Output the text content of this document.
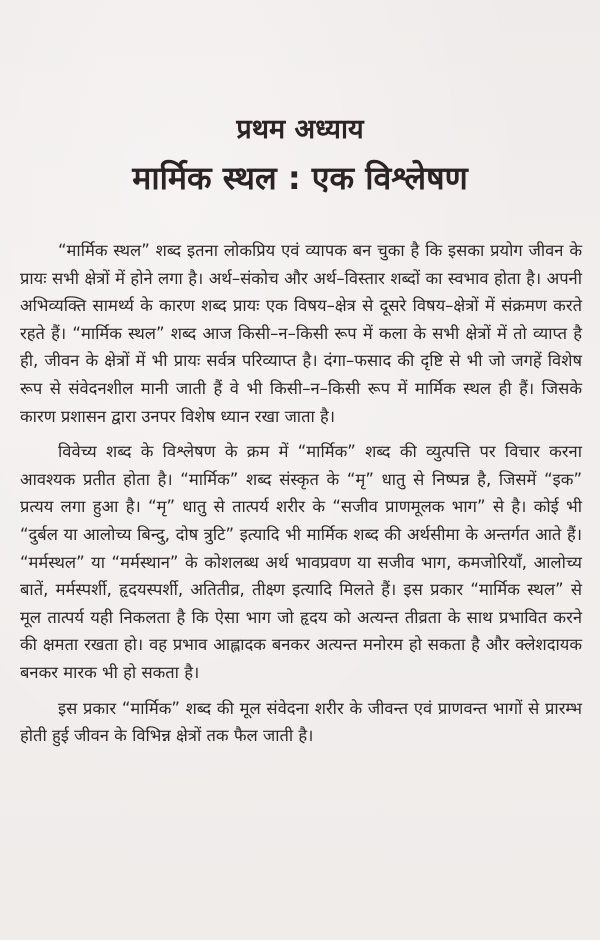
प्रथम अध्याय
मार्मिक स्थल : एक विश्लेषण

“मार्मिक स्थल” शब्द इतना लोकप्रिय एवं व्यापक बन चुका है कि इसका प्रयोग जीवन के प्रायः सभी क्षेत्रों में होने लगा है। अर्थ–संकोच और अर्थ–विस्तार शब्दों का स्वभाव होता है। अपनी अभिव्यक्ति सामर्थ्य के कारण शब्द प्रायः एक विषय–क्षेत्र से दूसरे विषय–क्षेत्रों में संक्रमण करते रहते हैं। “मार्मिक स्थल” शब्द आज किसी–न–किसी रूप में कला के सभी क्षेत्रों में तो व्याप्त है ही, जीवन के क्षेत्रों में भी प्रायः सर्वत्र परिव्याप्त है। दंगा–फसाद की दृष्टि से भी जो जगहें विशेष रूप से संवेदनशील मानी जाती हैं वे भी किसी–न–किसी रूप में मार्मिक स्थल ही हैं। जिसके कारण प्रशासन द्वारा उनपर विशेष ध्यान रखा जाता है।

विवेच्य शब्द के विश्लेषण के क्रम में “मार्मिक” शब्द की व्युत्पत्ति पर विचार करना आवश्यक प्रतीत होता है। “मार्मिक” शब्द संस्कृत के “मृ” धातु से निष्पन्न है, जिसमें “इक” प्रत्यय लगा हुआ है। “मृ” धातु से तात्पर्य शरीर के “सजीव प्राणमूलक भाग” से है। कोई भी “दुर्बल या आलोच्य बिन्दु, दोष त्रुटि” इत्यादि भी मार्मिक शब्द की अर्थसीमा के अन्तर्गत आते हैं। “मर्मस्थल” या “मर्मस्थान” के कोशलब्ध अर्थ भावप्रवण या सजीव भाग, कमजोरियाँ, आलोच्य बातें, मर्मस्पर्शी, हृदयस्पर्शी, अतितीव्र, तीक्ष्ण इत्यादि मिलते हैं। इस प्रकार “मार्मिक स्थल” से मूल तात्पर्य यही निकलता है कि ऐसा भाग जो हृदय को अत्यन्त तीव्रता के साथ प्रभावित करने की क्षमता रखता हो। वह प्रभाव आह्लादक बनकर अत्यन्त मनोरम हो सकता है और क्लेशदायक बनकर मारक भी हो सकता है।

इस प्रकार “मार्मिक” शब्द की मूल संवेदना शरीर के जीवन्त एवं प्राणवन्त भागों से प्रारम्भ होती हुई जीवन के विभिन्न क्षेत्रों तक फैल जाती है।
